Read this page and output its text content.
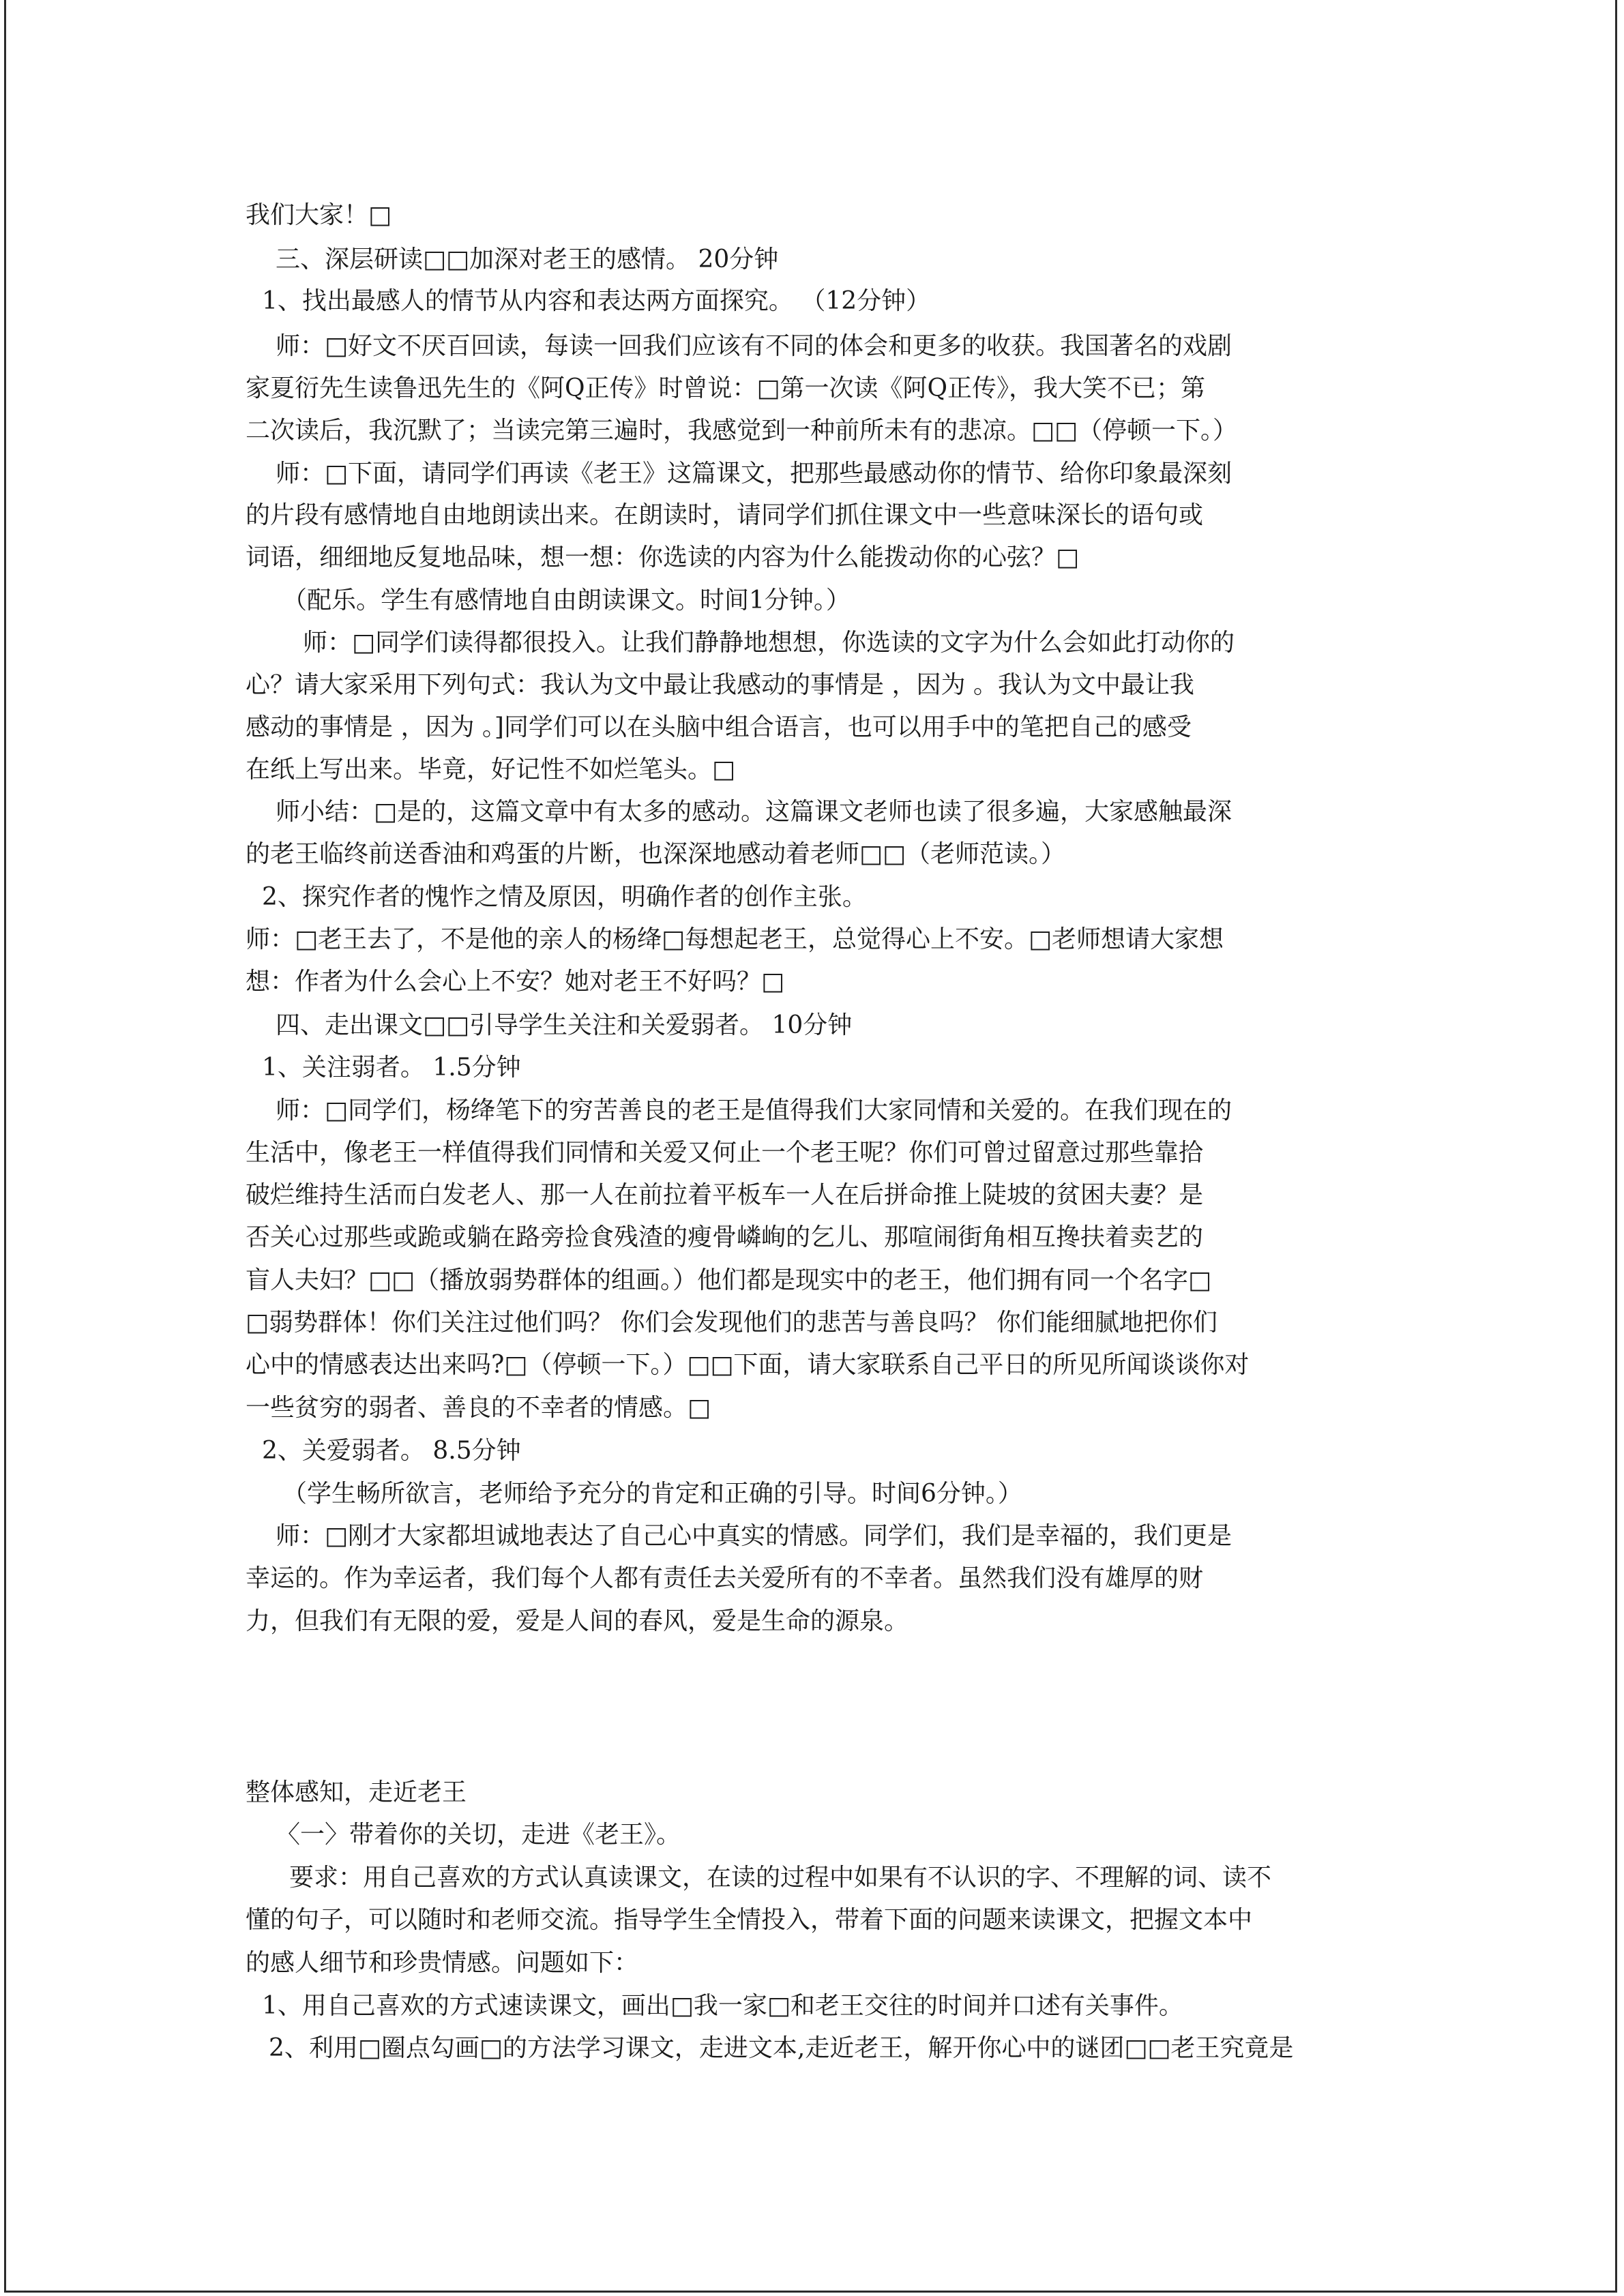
我们大家！□
三、深层研读□□加深对老王的感情。 20分钟
1、找出最感人的情节从内容和表达两方面探究。 （12分钟）
师：□好文不厌百回读，每读一回我们应该有不同的体会和更多的收获。我国著名的戏剧
家夏衍先生读鲁迅先生的《阿Q正传》时曾说：□第一次读《阿Q正传》，我大笑不已；第
二次读后，我沉默了；当读完第三遍时，我感觉到一种前所未有的悲凉。□□（停顿一下。）
师：□下面，请同学们再读《老王》这篇课文，把那些最感动你的情节、给你印象最深刻
的片段有感情地自由地朗读出来。在朗读时，请同学们抓住课文中一些意味深长的语句或
词语，细细地反复地品味，想一想：你选读的内容为什么能拨动你的心弦？□
（配乐。学生有感情地自由朗读课文。时间1分钟。）
师：□同学们读得都很投入。让我们静静地想想，你选读的文字为什么会如此打动你的
心？请大家采用下列句式：我认为文中最让我感动的事情是 ，因为 。我认为文中最让我
感动的事情是 ，因为 。]同学们可以在头脑中组合语言，也可以用手中的笔把自己的感受
在纸上写出来。毕竟，好记性不如烂笔头。□
师小结：□是的，这篇文章中有太多的感动。这篇课文老师也读了很多遍，大家感触最深
的老王临终前送香油和鸡蛋的片断，也深深地感动着老师□□（老师范读。）
2、探究作者的愧怍之情及原因，明确作者的创作主张。
师：□老王去了，不是他的亲人的杨绛□每想起老王，总觉得心上不安。□老师想请大家想
想：作者为什么会心上不安？她对老王不好吗？□
四、走出课文□□引导学生关注和关爱弱者。 10分钟
1、关注弱者。 1.5分钟
师：□同学们，杨绛笔下的穷苦善良的老王是值得我们大家同情和关爱的。在我们现在的
生活中，像老王一样值得我们同情和关爱又何止一个老王呢？你们可曾过留意过那些靠拾
破烂维持生活而白发老人、那一人在前拉着平板车一人在后拼命推上陡坡的贫困夫妻？是
否关心过那些或跪或躺在路旁捡食残渣的瘦骨嶙峋的乞儿、那喧闹街角相互搀扶着卖艺的
盲人夫妇？□□（播放弱势群体的组画。）他们都是现实中的老王，他们拥有同一个名字□
□弱势群体！你们关注过他们吗？ 你们会发现他们的悲苦与善良吗？ 你们能细腻地把你们
心中的情感表达出来吗?□（停顿一下。）□□下面，请大家联系自己平日的所见所闻谈谈你对
一些贫穷的弱者、善良的不幸者的情感。□
2、关爱弱者。 8.5分钟
（学生畅所欲言，老师给予充分的肯定和正确的引导。时间6分钟。）
师：□刚才大家都坦诚地表达了自己心中真实的情感。同学们，我们是幸福的，我们更是
幸运的。作为幸运者，我们每个人都有责任去关爱所有的不幸者。虽然我们没有雄厚的财
力，但我们有无限的爱，爱是人间的春风，爱是生命的源泉。
整体感知，走近老王
〈一〉带着你的关切，走进《老王》。
要求：用自己喜欢的方式认真读课文，在读的过程中如果有不认识的字、不理解的词、读不
懂的句子，可以随时和老师交流。指导学生全情投入，带着下面的问题来读课文，把握文本中
的感人细节和珍贵情感。问题如下：
1、用自己喜欢的方式速读课文，画出□我一家□和老王交往的时间并口述有关事件。
2、利用□圈点勾画□的方法学习课文，走进文本,走近老王，解开你心中的谜团□□老王究竟是
